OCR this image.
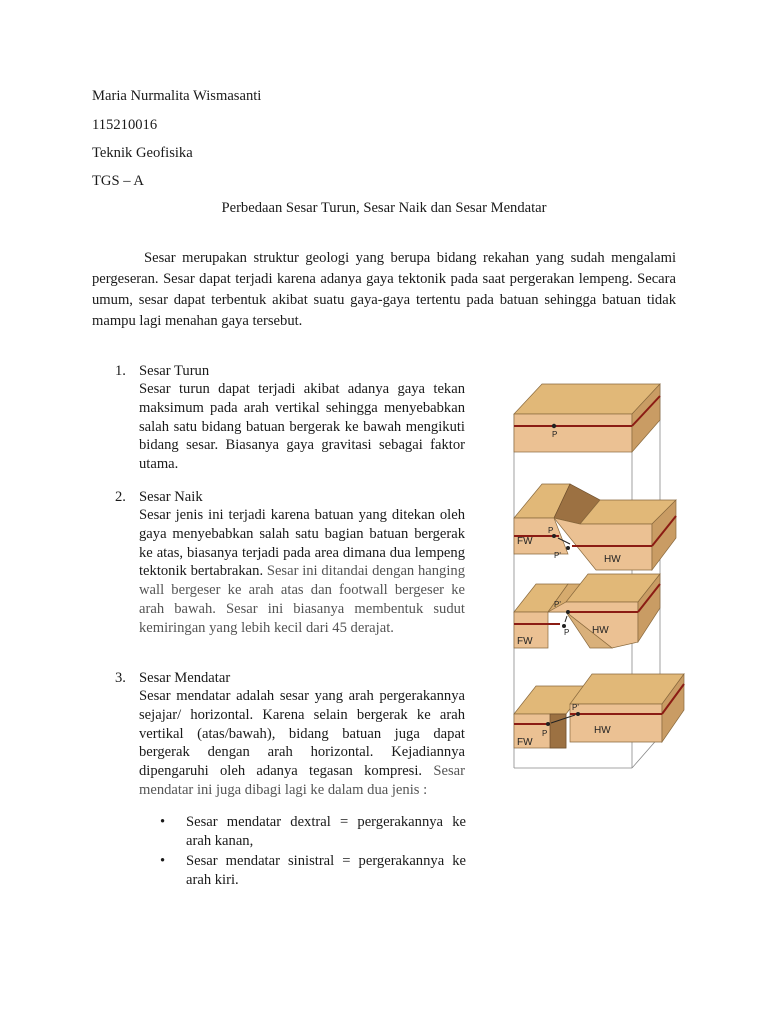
Maria Nurmalita Wismasanti

115210016

Teknik Geofisika

TGS – A

Perbedaan Sesar Turun, Sesar Naik dan Sesar Mendatar

Sesar merupakan struktur geologi yang berupa bidang rekahan yang sudah mengalami pergeseran. Sesar dapat terjadi karena adanya gaya tektonik pada saat pergerakan lempeng. Secara umum, sesar dapat terbentuk akibat suatu gaya-gaya tertentu pada batuan sehingga batuan tidak mampu lagi menahan gaya tersebut.

1. Sesar Turun

Sesar turun dapat terjadi akibat adanya gaya tekan maksimum pada arah vertikal sehingga menyebabkan salah satu bidang batuan bergerak ke bawah mengikuti bidang sesar. Biasanya gaya gravitasi sebagai faktor utama.

2. Sesar Naik

Sesar jenis ini terjadi karena batuan yang ditekan oleh gaya menyebabkan salah satu bagian batuan bergerak ke atas, biasanya terjadi pada area dimana dua lempeng tektonik bertabrakan. Sesar ini ditandai dengan hanging wall bergeser ke arah atas dan footwall bergeser ke arah bawah. Sesar ini biasanya membentuk sudut kemiringan yang lebih kecil dari 45 derajat.

3. Sesar Mendatar

Sesar mendatar adalah sesar yang arah pergerakannya sejajar/ horizontal. Karena selain bergerak ke arah vertikal (atas/bawah), bidang batuan juga dapat bergerak dengan arah horizontal. Kejadiannya dipengaruhi oleh adanya tegasan kompresi. Sesar mendatar ini juga dibagi lagi ke dalam dua jenis :

• Sesar mendatar dextral = pergerakannya ke arah kanan,
• Sesar mendatar sinistral = pergerakannya ke arah kiri.
P
P
P'
FW
HW
P'
P
FW
HW
P
P'
FW
HW
